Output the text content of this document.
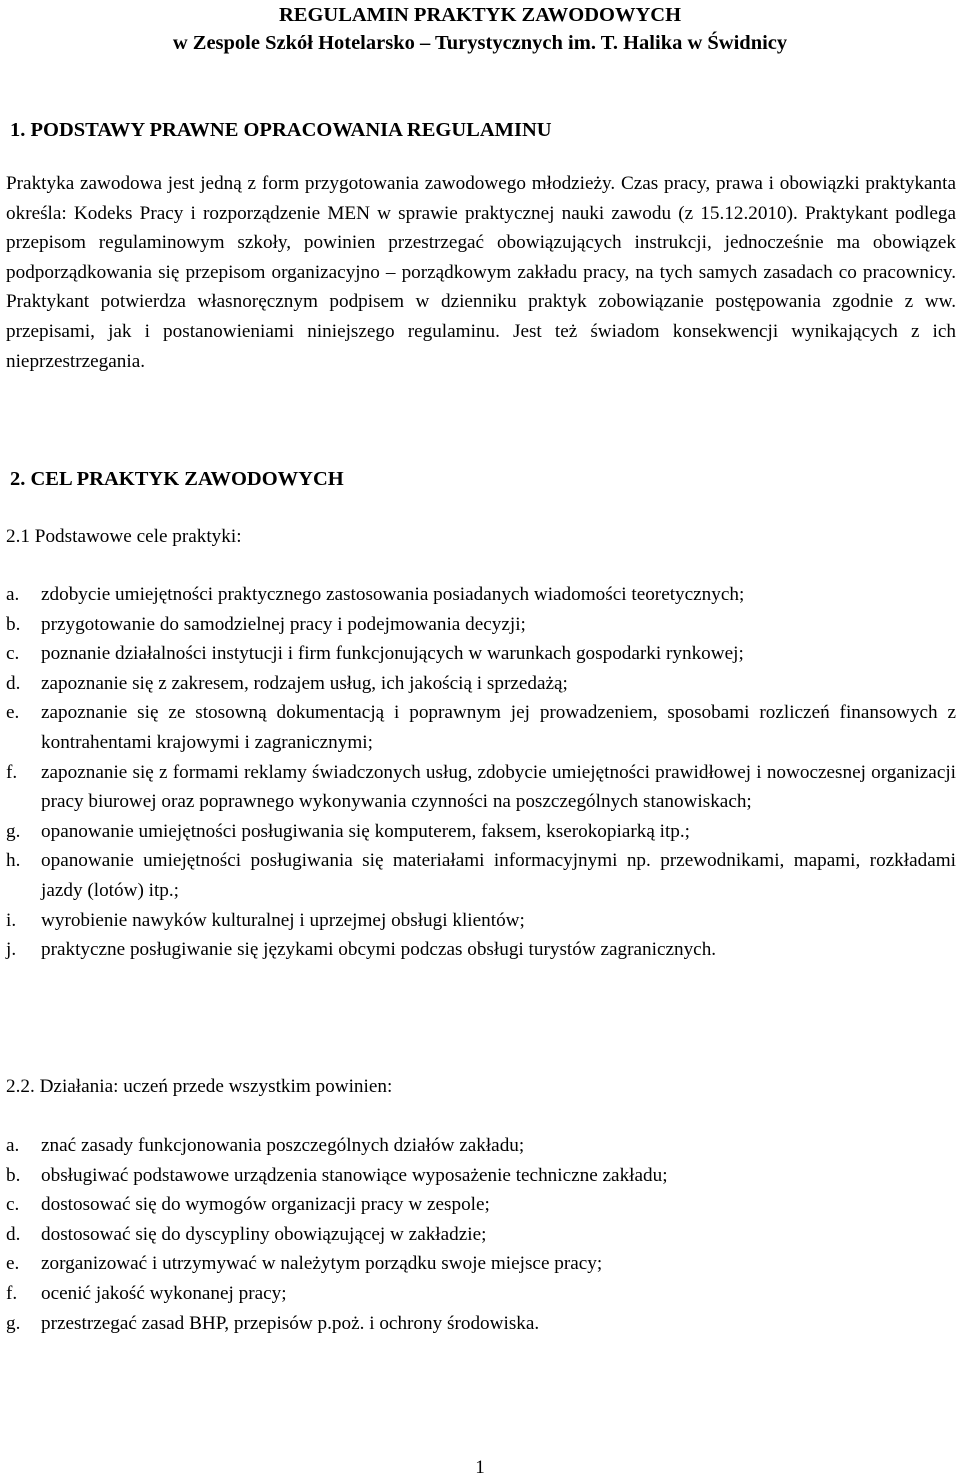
REGULAMIN PRAKTYK ZAWODOWYCH
w Zespole Szkół Hotelarsko – Turystycznych im. T. Halika w Świdnicy
1. PODSTAWY PRAWNE OPRACOWANIA REGULAMINU
Praktyka zawodowa jest jedną z form przygotowania zawodowego młodzieży. Czas pracy, prawa i obowiązki praktykanta określa: Kodeks Pracy i rozporządzenie MEN w sprawie praktycznej nauki zawodu (z 15.12.2010). Praktykant podlega przepisom regulaminowym szkoły, powinien przestrzegać obowiązujących instrukcji, jednocześnie ma obowiązek podporządkowania się przepisom organizacyjno – porządkowym zakładu pracy, na tych samych zasadach co pracownicy. Praktykant potwierdza własnoręcznym podpisem w dzienniku praktyk zobowiązanie postępowania zgodnie z ww. przepisami, jak i postanowieniami niniejszego regulaminu. Jest też świadom konsekwencji wynikających z ich nieprzestrzegania.
2. CEL PRAKTYK ZAWODOWYCH
2.1 Podstawowe cele praktyki:
a. zdobycie umiejętności praktycznego zastosowania posiadanych wiadomości teoretycznych;
b. przygotowanie do samodzielnej pracy i podejmowania decyzji;
c. poznanie działalności instytucji i firm funkcjonujących w warunkach gospodarki rynkowej;
d. zapoznanie się z zakresem, rodzajem usług, ich jakością i sprzedażą;
e. zapoznanie się ze stosowną dokumentacją i poprawnym jej prowadzeniem, sposobami rozliczeń finansowych z kontrahentami krajowymi i zagranicznymi;
f. zapoznanie się z formami reklamy świadczonych usług, zdobycie umiejętności prawidłowej i nowoczesnej organizacji pracy biurowej oraz poprawnego wykonywania czynności na poszczególnych stanowiskach;
g. opanowanie umiejętności posługiwania się komputerem, faksem, kserokopiarką itp.;
h. opanowanie umiejętności posługiwania się materiałami informacyjnymi np. przewodnikami, mapami, rozkładami jazdy (lotów) itp.;
i. wyrobienie nawyków kulturalnej i uprzejmej obsługi klientów;
j. praktyczne posługiwanie się językami obcymi podczas obsługi turystów zagranicznych.
2.2. Działania: uczeń przede wszystkim powinien:
a. znać zasady funkcjonowania poszczególnych działów zakładu;
b. obsługiwać podstawowe urządzenia stanowiące wyposażenie techniczne zakładu;
c. dostosować się do wymogów organizacji pracy w zespole;
d. dostosować się do dyscypliny obowiązującej w zakładzie;
e. zorganizować i utrzymywać w należytym porządku swoje miejsce pracy;
f. ocenić jakość wykonanej pracy;
g. przestrzegać zasad BHP, przepisów p.poż. i ochrony środowiska.
1
